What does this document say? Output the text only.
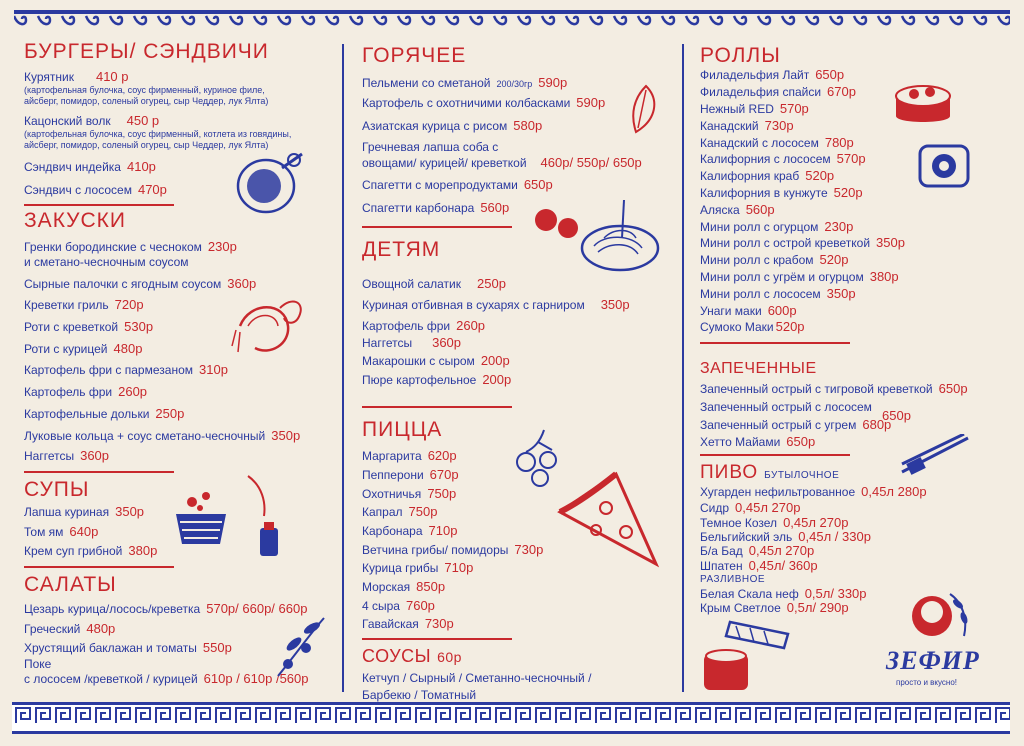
БУРГЕРЫ/ СЭНДВИЧИ
Курятник 410 р
(картофельная булочка, соус фирменный, куриное филе,
айсберг, помидор, соленый огурец, сыр Чеддер, лук Ялта)
Кацонский волк 450 р
(картофельная булочка, соус фирменный, котлета из говядины,
айсберг, помидор, соленый огурец, сыр Чеддер, лук Ялта)
Сэндвич индейка 410р
Сэндвич с лососем 470р
ЗАКУСКИ
Гренки бородинские с чесноком 230р
и сметано-чесночным соусом
Сырные палочки с ягодным соусом 360р
Креветки гриль 720р
Роти с креветкой 530р
Роти с курицей 480р
Картофель фри с пармезаном 310р
Картофель фри 260р
Картофельные дольки 250р
Луковые кольца + соус сметано-чесночный 350р
Наггетсы 360р
СУПЫ
Лапша куриная 350р
Том ям 640р
Крем суп грибной 380р
САЛАТЫ
Цезарь курица/лосось/креветка 570р/ 660р/ 660р
Греческий 480р
Хрустящий баклажан и томаты 550р
Поке
с лососем /креветкой / курицей 610р / 610р /560р
ГОРЯЧЕЕ
Пельмени со сметаной 200/30гр 590р
Картофель с охотничими колбасками 590р
Азиатская курица с рисом 580р
Гречневая лапша соба с
овощами/ курицей/ креветкой 460р/ 550р/ 650р
Спагетти с морепродуктами 650р
Спагетти карбонара 560р
ДЕТЯМ
Овощной салатик 250р
Куриная отбивная в сухарях с гарниром 350р
Картофель фри 260р
Наггетсы 360р
Макарошки с сыром 200р
Пюре картофельное 200р
ПИЦЦА
Маргарита 620р
Пепперони 670р
Охотничья 750р
Капрал 750р
Карбонара 710р
Ветчина грибы/ помидоры 730р
Курица грибы 710р
Морская 850р
4 сыра 760р
Гавайская 730р
СОУСЫ 60р
Кетчуп / Сырный / Сметанно-чесночный /
Барбекю / Томатный
РОЛЛЫ
Филадельфия Лайт 650р
Филадельфия спайси 670р
Нежный RED 570р
Канадский 730р
Канадский с лососем 780р
Калифорния с лососем 570р
Калифорния краб 520р
Калифорния в кунжуте 520р
Аляска 560р
Мини ролл с огурцом 230р
Мини ролл с острой креветкой 350р
Мини ролл с крабом 520р
Мини ролл с угрём и огурцом 380р
Мини ролл с лососем 350р
Унаги маки 600р
Сумоко Маки 520р
ЗАПЕЧЕННЫЕ
Запеченный острый с тигровой креветкой 650р
Запеченный острый с лососем
650р
Запеченный острый с угрем 680р
Хетто Майами 650р
ПИВО БУТЫЛОЧНОЕ
Хугарден нефильтрованное 0,45л 280р
Сидр 0,45л 270р
Темное Козел 0,45л 270р
Бельгийский эль 0,45л / 330р
Б/а Бад 0,45л 270р
Шпатен 0,45л/ 360р
РАЗЛИВНОЕ
Белая Скала неф 0,5л/ 330р
Крым Светлое 0,5л/ 290р
ЗЕФИР
просто и вкусно!
